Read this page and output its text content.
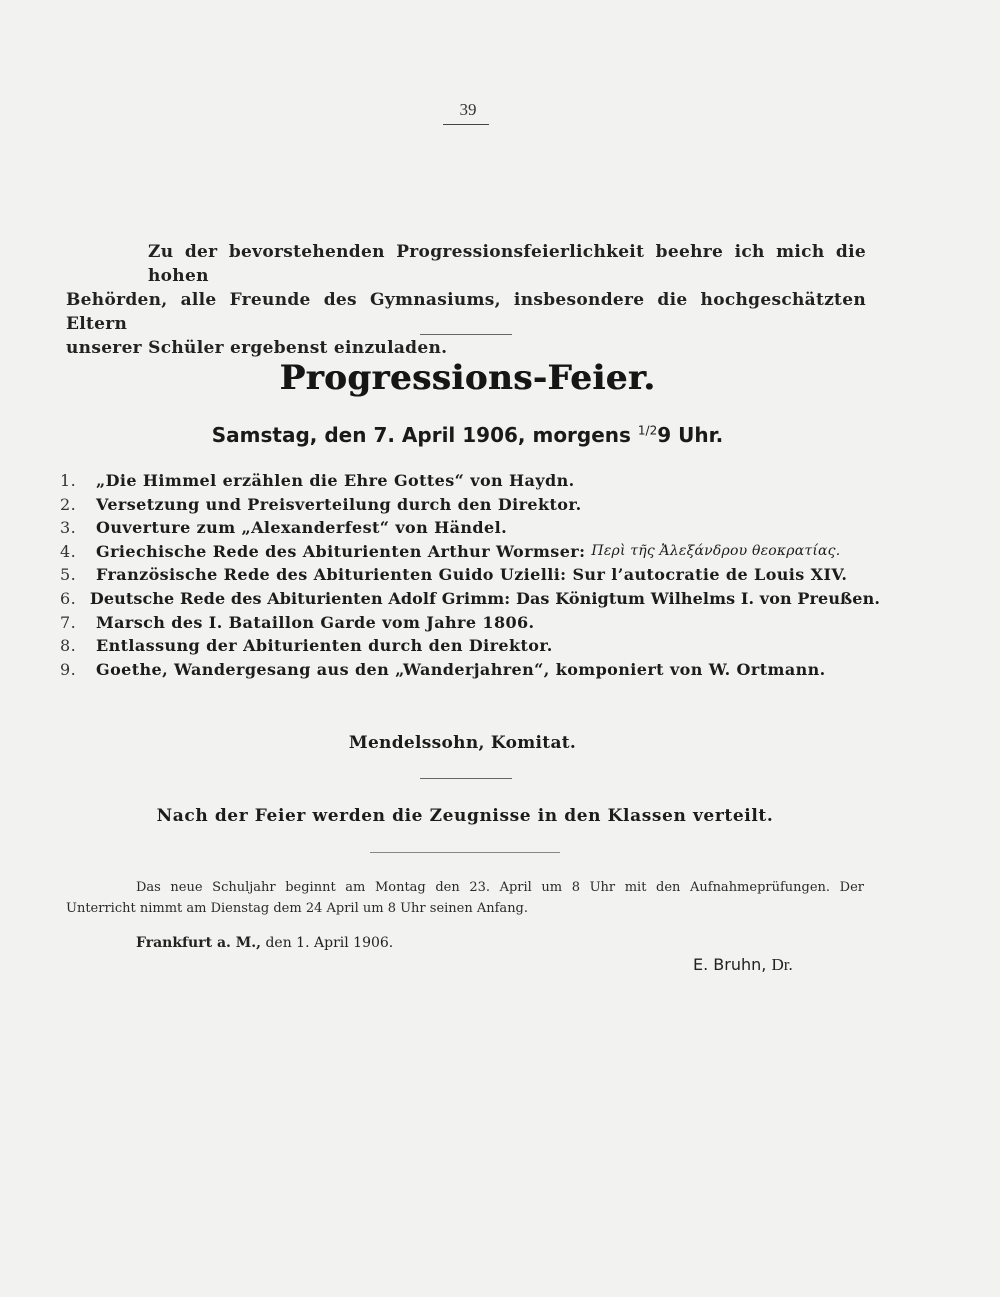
39
Zu der bevorstehenden Progressionsfeierlichkeit beehre ich mich die hohen
Behörden, alle Freunde des Gymnasiums, insbesondere die hochgeschätzten Eltern
unserer Schüler ergebenst einzuladen.
Progressions-Feier.
Samstag, den 7. April 1906, morgens $^{1/2}$9 Uhr.
1.	„Die Himmel erzählen die Ehre Gottes“ von Haydn.
2.	Versetzung und Preisverteilung durch den Direktor.
3.	Ouverture zum „Alexanderfest“ von Händel.
4.	Griechische Rede des Abiturienten Arthur Wormser:
Περὶ τῆς Ἀλεξάνδρου θεοκρατίας.
5.	Französische Rede des Abiturienten Guido Uzielli: Sur l’autocratie de Louis XIV.
6. Deutsche Rede des Abiturienten Adolf Grimm: Das Königtum Wilhelms I. von Preußen.
7.	Marsch des I. Bataillon Garde vom Jahre 1806.
8.	Entlassung der Abiturienten durch den Direktor.
9.	Goethe, Wandergesang aus den „Wanderjahren“, komponiert von W. Ortmann.
Mendelssohn, Komitat.
Nach der Feier werden die Zeugnisse in den Klassen verteilt.
Das neue Schuljahr beginnt am Montag den 23. April um 8 Uhr mit den Aufnahmeprüfungen. Der
Unterricht nimmt am Dienstag dem 24 April um 8 Uhr seinen Anfang.
Frankfurt a. M., den 1. April 1906.
E. Bruhn, Dr.
